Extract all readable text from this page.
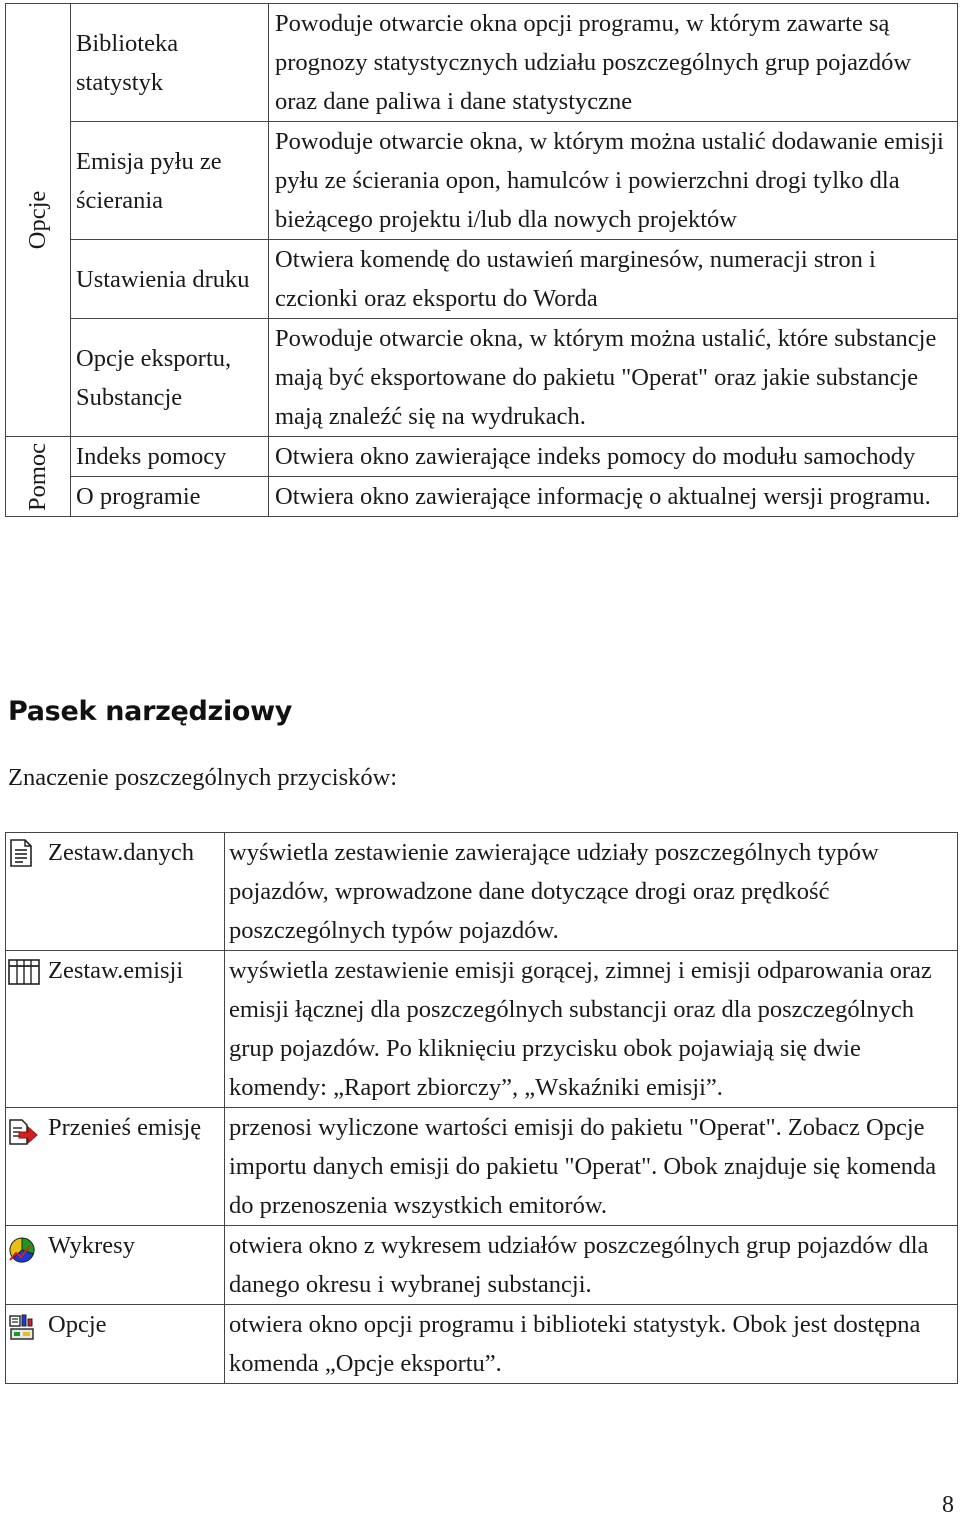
Opcje	Biblioteka statystyk	Powoduje otwarcie okna opcji programu, w którym zawarte są prognozy statystycznych udziału poszczególnych grup pojazdów oraz dane paliwa i dane statystyczne
	Emisja pyłu ze ścierania	Powoduje otwarcie okna, w którym można ustalić dodawanie emisji pyłu ze ścierania opon, hamulców i powierzchni drogi tylko dla bieżącego projektu i/lub dla nowych projektów
	Ustawienia druku	Otwiera komendę do ustawień marginesów, numeracji stron i czcionki oraz eksportu do Worda
	Opcje eksportu, Substancje	Powoduje otwarcie okna, w którym można ustalić, które substancje mają być eksportowane do pakietu "Operat" oraz jakie substancje mają znaleźć się na wydrukach.

Pomoc	Indeks pomocy	Otwiera okno zawierające indeks pomocy do modułu samochody
	O programie	Otwiera okno zawierające informację o aktualnej wersji programu.
Pasek narzędziowy

Znaczenie poszczególnych przycisków:

	Zestaw.danych	wyświetla zestawienie zawierające udziały poszczególnych typów pojazdów, wprowadzone dane dotyczące drogi oraz prędkość poszczególnych typów pojazdów.

	Zestaw.emisji	wyświetla zestawienie emisji gorącej, zimnej i emisji odparowania oraz emisji łącznej dla poszczególnych substancji oraz dla poszczególnych grup pojazdów. Po kliknięciu przycisku obok pojawiają się dwie komendy: „Raport zbiorczy”, „Wskaźniki emisji”.

	Przenieś emisję	przenosi wyliczone wartości emisji do pakietu "Operat". Zobacz Opcje importu danych emisji do pakietu "Operat". Obok znajduje się komenda do przenoszenia wszystkich emitorów.

	Wykresy	otwiera okno z wykresem udziałów poszczególnych grup pojazdów dla danego okresu i wybranej substancji.

	Opcje	otwiera okno opcji programu i biblioteki statystyk. Obok jest dostępna komenda „Opcje eksportu”.

8
